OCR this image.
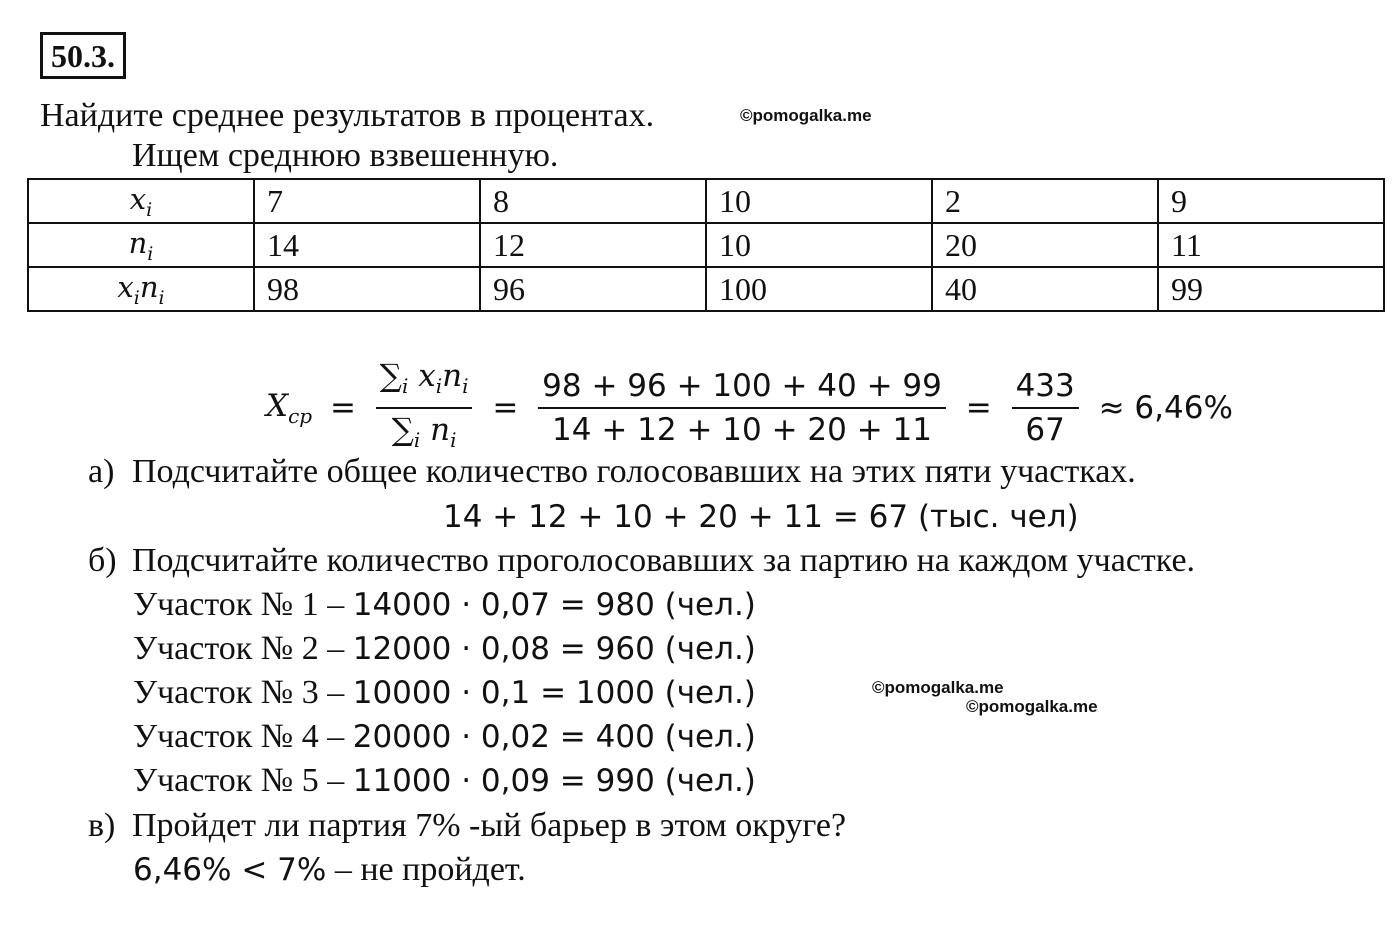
50.3.
Найдите среднее результатов в процентах.	©pomogalka.me
Ищем среднюю взвешенную.
$x_i$	7	8	10	2	9
$n_i$	14	12	10	20	11
$x_in_i$	98	96	100	40	99
$X_{cp} = \frac{\sum_i x_in_i}{\sum_i n_i} = \frac{98 + 96 + 100 + 40 + 99}{14 + 12 + 10 + 20 + 11} = \frac{433}{67} \approx 6,46\%$
а) Подсчитайте общее количество голосовавших на этих пяти участках.
14 + 12 + 10 + 20 + 11 = 67 (тыс. чел)
б) Подсчитайте количество проголосовавших за партию на каждом участке.
Участок № 1 – 14000 · 0,07 = 980 (чел.)
Участок № 2 – 12000 · 0,08 = 960 (чел.)
Участок № 3 – 10000 · 0,1 = 1000 (чел.)
Участок № 4 – 20000 · 0,02 = 400 (чел.)
Участок № 5 – 11000 · 0,09 = 990 (чел.)
©pomogalka.me
©pomogalka.me
в) Пройдет ли партия 7% -ый барьер в этом округе?
6,46% < 7% – не пройдет.
